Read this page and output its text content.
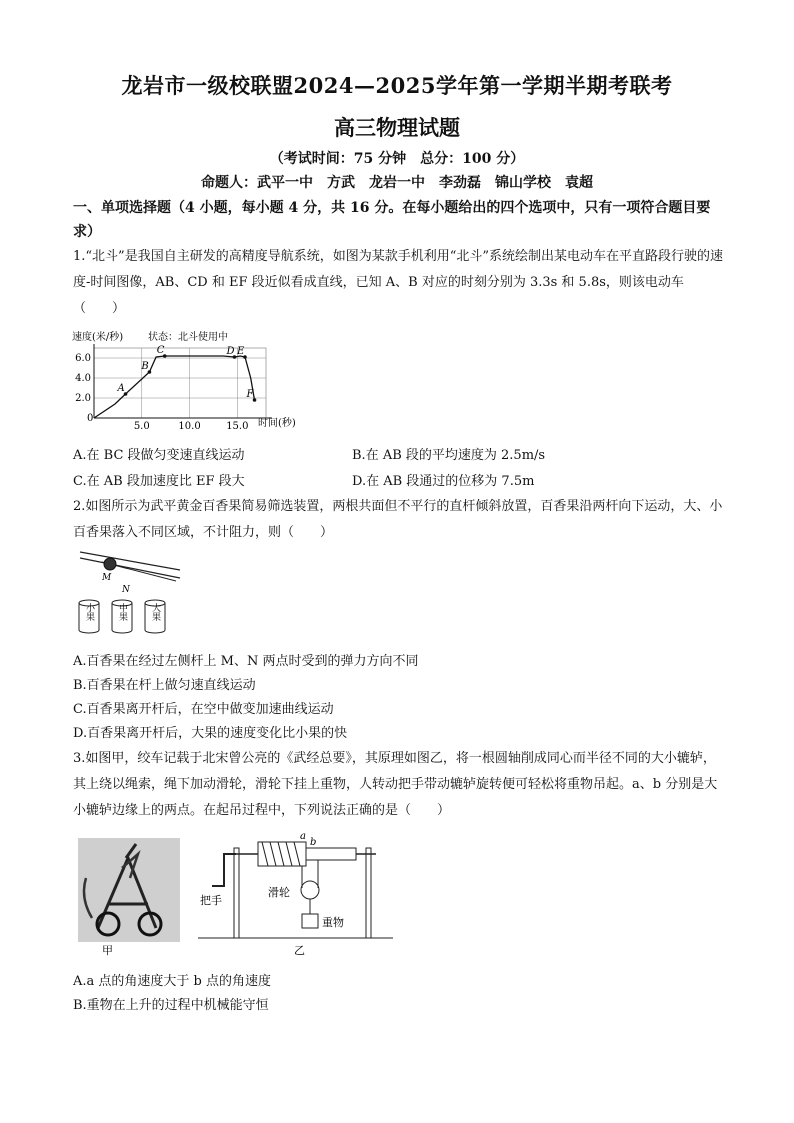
龙岩市一级校联盟2024—2025学年第一学期半期考联考
高三物理试题
（考试时间：75 分钟　总分：100 分）
命题人：武平一中　方武　龙岩一中　李劲磊　锦山学校　袁超
一、单项选择题（4 小题，每小题 4 分，共 16 分。在每小题给出的四个选项中，只有一项符合题目要求）
1.“北斗”是我国自主研发的高精度导航系统，如图为某款手机利用“北斗”系统绘制出某电动车在平直路段行驶的速度-时间图像，AB、CD 和 EF 段近似看成直线，已知 A、B 对应的时刻分别为 3.3s 和 5.8s，则该电动车（　　）
速度(米/秒) 状态：北斗使用中
时间(秒)
0
5.0	10.0	15.0
2.0
4.0
6.0
A
B
C	D E
F
A.在 BC 段做匀变速直线运动	B.在 AB 段的平均速度为 2.5m/s
C.在 AB 段加速度比 EF 段大	D.在 AB 段通过的位移为 7.5m
2.如图所示为武平黄金百香果简易筛选装置，两根共面但不平行的直杆倾斜放置，百香果沿两杆向下运动，大、小百香果落入不同区域，不计阻力，则（　　）
M
N
小果	中果	大果
A.百香果在经过左侧杆上 M、N 两点时受到的弹力方向不同
B.百香果在杆上做匀速直线运动
C.百香果离开杆后，在空中做变加速曲线运动
D.百香果离开杆后，大果的速度变化比小果的快
3.如图甲，绞车记载于北宋曾公亮的《武经总要》，其原理如图乙，将一根圆轴削成同心而半径不同的大小辘轳，其上绕以绳索，绳下加动滑轮，滑轮下挂上重物，人转动把手带动辘轳旋转便可轻松将重物吊起。a、b 分别是大小辘轳边缘上的两点。在起吊过程中，下列说法正确的是（　　）
甲
a
b
把手
滑轮
重物
乙
A.a 点的角速度大于 b 点的角速度
B.重物在上升的过程中机械能守恒
